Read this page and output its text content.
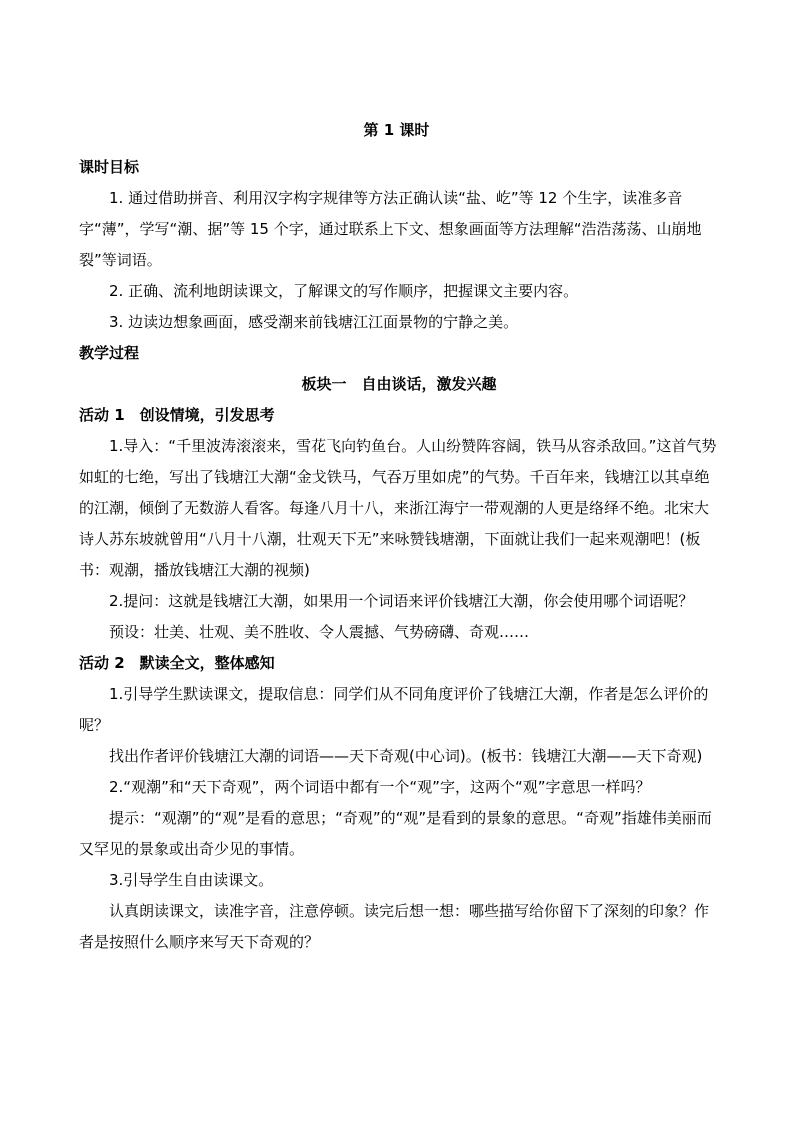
第 1 课时

课时目标

1. 通过借助拼音、利用汉字构字规律等方法正确认读“盐、屹”等 12 个生字，读准多音字“薄”，学写“潮、据”等 15 个字，通过联系上下文、想象画面等方法理解“浩浩荡荡、山崩地裂”等词语。

2. 正确、流利地朗读课文，了解课文的写作顺序，把握课文主要内容。

3. 边读边想象画面，感受潮来前钱塘江江面景物的宁静之美。

教学过程

板块一　自由谈话，激发兴趣

活动 1　创设情境，引发思考

1.导入：“千里波涛滚滚来，雪花飞向钓鱼台。人山纷赞阵容阔，铁马从容杀敌回。”这首气势如虹的七绝，写出了钱塘江大潮“金戈铁马，气吞万里如虎”的气势。千百年来，钱塘江以其卓绝的江潮，倾倒了无数游人看客。每逢八月十八，来浙江海宁一带观潮的人更是络绎不绝。北宋大诗人苏东坡就曾用“八月十八潮，壮观天下无”来咏赞钱塘潮，下面就让我们一起来观潮吧！(板书：观潮，播放钱塘江大潮的视频)

2.提问：这就是钱塘江大潮，如果用一个词语来评价钱塘江大潮，你会使用哪个词语呢？

预设：壮美、壮观、美不胜收、令人震撼、气势磅礴、奇观……

活动 2　默读全文，整体感知

1.引导学生默读课文，提取信息：同学们从不同角度评价了钱塘江大潮，作者是怎么评价的呢？

找出作者评价钱塘江大潮的词语——天下奇观(中心词)。(板书：钱塘江大潮——天下奇观)

2.“观潮”和“天下奇观”，两个词语中都有一个“观”字，这两个“观”字意思一样吗？

提示：“观潮”的“观”是看的意思；“奇观”的“观”是看到的景象的意思。“奇观”指雄伟美丽而又罕见的景象或出奇少见的事情。

3.引导学生自由读课文。

认真朗读课文，读准字音，注意停顿。读完后想一想：哪些描写给你留下了深刻的印象？作者是按照什么顺序来写天下奇观的？
